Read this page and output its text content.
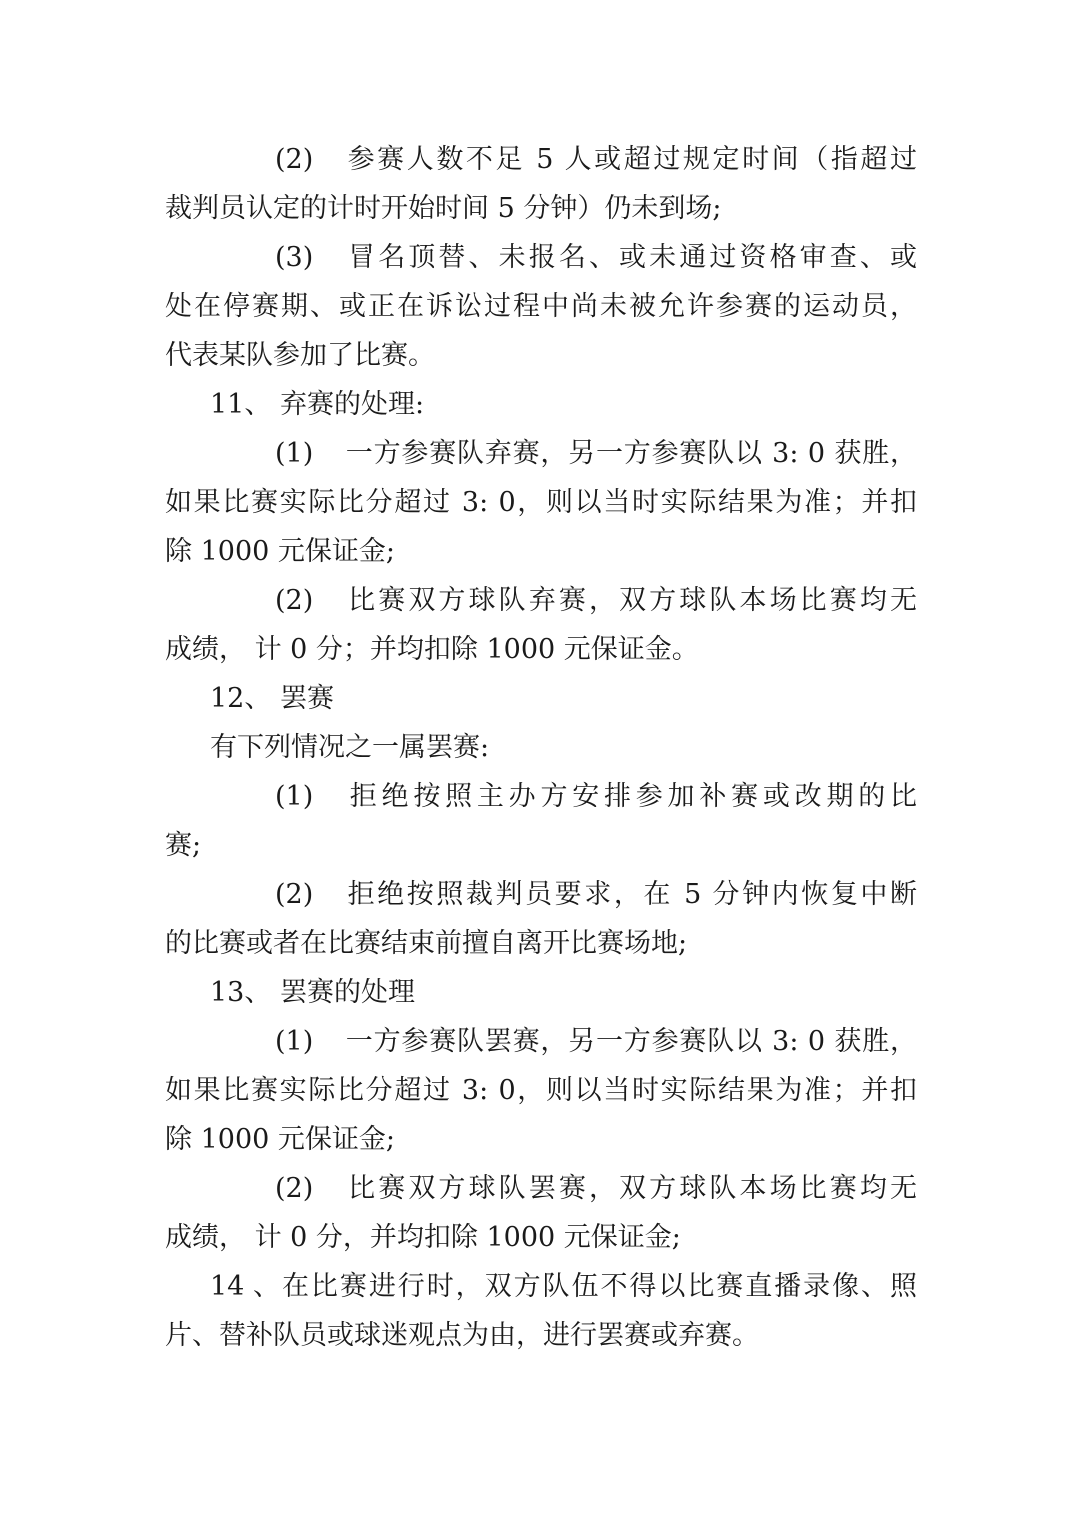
(2) 参赛人数不足 5 人或超过规定时间（指超过
裁判员认定的计时开始时间 5 分钟）仍未到场;
(3) 冒名顶替、未报名、或未通过资格审查、或
处在停赛期、或正在诉讼过程中尚未被允许参赛的运动员，
代表某队参加了比赛。
11、 弃赛的处理:
(1) 一方参赛队弃赛，另一方参赛队以 3: 0 获胜，
如果比赛实际比分超过 3: 0，则以当时实际结果为准；并扣
除 1000 元保证金;
(2) 比赛双方球队弃赛，双方球队本场比赛均无
成绩， 计 0 分；并均扣除 1000 元保证金。
12、 罢赛
有下列情况之一属罢赛:
(1) 拒绝按照主办方安排参加补赛或改期的比
赛;
(2) 拒绝按照裁判员要求，在 5 分钟内恢复中断
的比赛或者在比赛结束前擅自离开比赛场地;
13、 罢赛的处理
(1) 一方参赛队罢赛，另一方参赛队以 3: 0 获胜，
如果比赛实际比分超过 3: 0，则以当时实际结果为准；并扣
除 1000 元保证金;
(2) 比赛双方球队罢赛，双方球队本场比赛均无
成绩， 计 0 分，并均扣除 1000 元保证金;
14、在比赛进行时，双方队伍不得以比赛直播录像、照
片、替补队员或球迷观点为由，进行罢赛或弃赛。
